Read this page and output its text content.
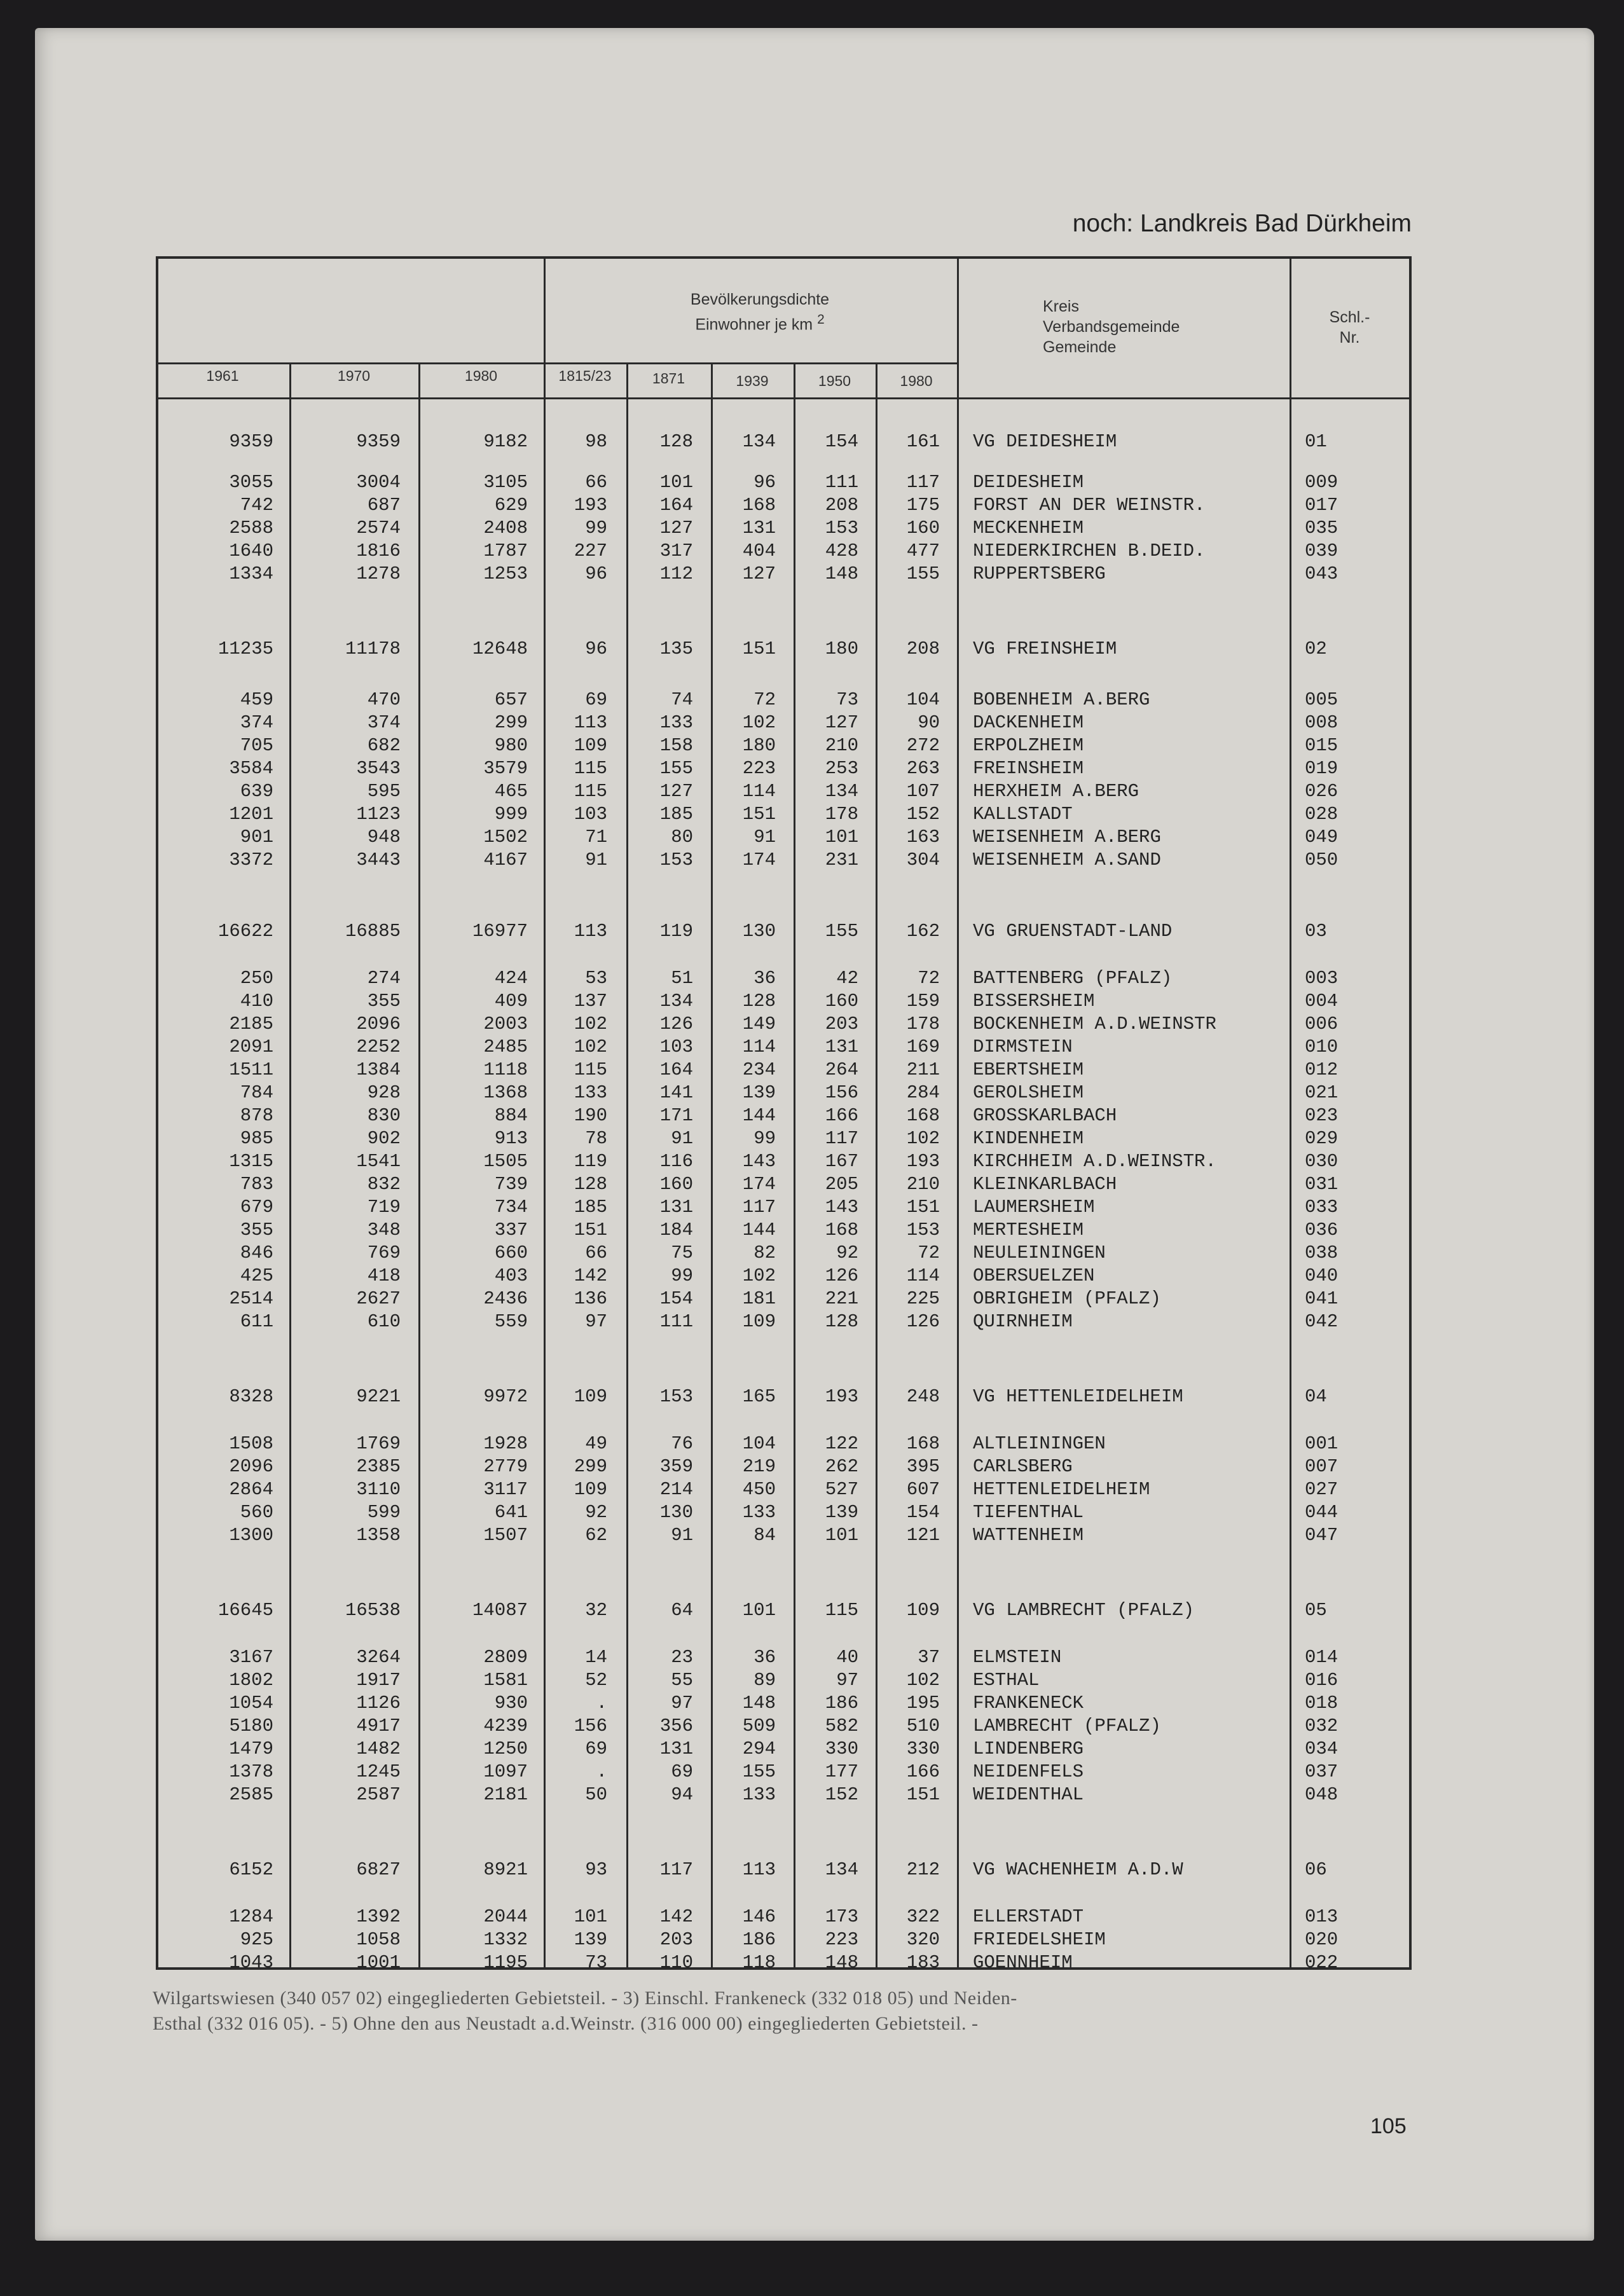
noch: Landkreis Bad Dürkheim
Bevölkerungsdichte
Einwohner je km $^2$
Kreis
Verbandsgemeinde
Gemeinde
Schl.-
Nr.
1961	1970	1980	1815/23	1871	1939	1950	1980
9359	9359	9182	98	128	134	154	161 VG DEIDESHEIM	01
3055	3004	3105	66	101	96	111	117 DEIDESHEIM	009
742	687	629	193	164	168	208	175 FORST AN DER WEINSTR.	017
2588	2574	2408	99	127	131	153	160 MECKENHEIM	035
1640	1816	1787	227	317	404	428	477 NIEDERKIRCHEN B.DEID.	039
1334	1278	1253	96	112	127	148	155 RUPPERTSBERG	043
11235	11178	12648	96	135	151	180	208 VG FREINSHEIM	02
459	470	657	69	74	72	73	104 BOBENHEIM A.BERG	005
374	374	299	113	133	102	127	90 DACKENHEIM	008
705	682	980	109	158	180	210	272 ERPOLZHEIM	015
3584	3543	3579	115	155	223	253	263 FREINSHEIM	019
639	595	465	115	127	114	134	107 HERXHEIM A.BERG	026
1201	1123	999	103	185	151	178	152 KALLSTADT	028
901	948	1502	71	80	91	101	163 WEISENHEIM A.BERG	049
3372	3443	4167	91	153	174	231	304 WEISENHEIM A.SAND	050
16622	16885	16977	113	119	130	155	162 VG GRUENSTADT-LAND	03
250	274	424	53	51	36	42	72 BATTENBERG (PFALZ)	003
410	355	409	137	134	128	160	159 BISSERSHEIM	004
2185	2096	2003	102	126	149	203	178 BOCKENHEIM A.D.WEINSTR	006
2091	2252	2485	102	103	114	131	169 DIRMSTEIN	010
1511	1384	1118	115	164	234	264	211 EBERTSHEIM	012
784	928	1368	133	141	139	156	284 GEROLSHEIM	021
878	830	884	190	171	144	166	168 GROSSKARLBACH	023
985	902	913	78	91	99	117	102 KINDENHEIM	029
1315	1541	1505	119	116	143	167	193 KIRCHHEIM A.D.WEINSTR.	030
783	832	739	128	160	174	205	210 KLEINKARLBACH	031
679	719	734	185	131	117	143	151 LAUMERSHEIM	033
355	348	337	151	184	144	168	153 MERTESHEIM	036
846	769	660	66	75	82	92	72 NEULEININGEN	038
425	418	403	142	99	102	126	114 OBERSUELZEN	040
2514	2627	2436	136	154	181	221	225 OBRIGHEIM (PFALZ)	041
611	610	559	97	111	109	128	126 QUIRNHEIM	042
8328	9221	9972	109	153	165	193	248 VG HETTENLEIDELHEIM	04
1508	1769	1928	49	76	104	122	168 ALTLEININGEN	001
2096	2385	2779	299	359	219	262	395 CARLSBERG	007
2864	3110	3117	109	214	450	527	607 HETTENLEIDELHEIM	027
560	599	641	92	130	133	139	154 TIEFENTHAL	044
1300	1358	1507	62	91	84	101	121 WATTENHEIM	047
16645	16538	14087	32	64	101	115	109 VG LAMBRECHT (PFALZ)	05
3167	3264	2809	14	23	36	40	37 ELMSTEIN	014
1802	1917	1581	52	55	89	97	102 ESTHAL	016
1054	1126	930	.	97	148	186	195 FRANKENECK	018
5180	4917	4239	156	356	509	582	510 LAMBRECHT (PFALZ)	032
1479	1482	1250	69	131	294	330	330 LINDENBERG	034
1378	1245	1097	.	69	155	177	166 NEIDENFELS	037
2585	2587	2181	50	94	133	152	151 WEIDENTHAL	048
6152	6827	8921	93	117	113	134	212 VG WACHENHEIM A.D.W	06
1284	1392	2044	101	142	146	173	322 ELLERSTADT	013
925	1058	1332	139	203	186	223	320 FRIEDELSHEIM	020
1043	1001	1195	73	110	118	148	183 GOENNHEIM	022
Wilgartswiesen (340 057 02) eingegliederten Gebietsteil. - 3) Einschl. Frankeneck (332 018 05) und Neiden-
Esthal (332 016 05). - 5) Ohne den aus Neustadt a.d.Weinstr. (316 000 00) eingegliederten Gebietsteil. -
105
